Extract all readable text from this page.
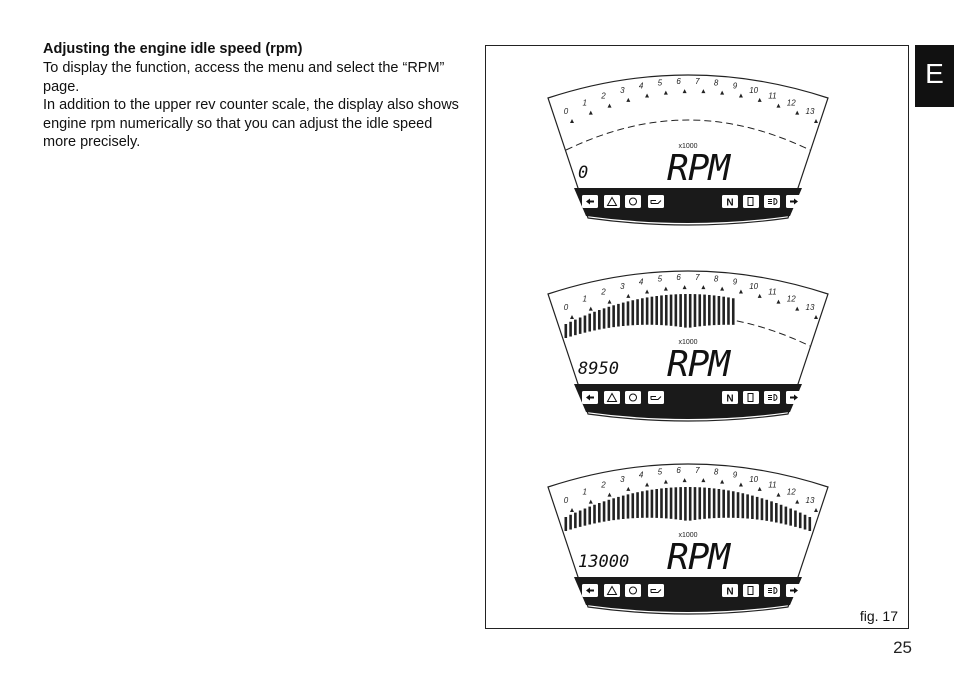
Adjusting the engine idle speed (rpm)

To display the function, access the menu and select the “RPM” page.

In addition to the upper rev counter scale, the display also shows engine rpm numerically so that you can adjust the idle speed more precisely.

0
1
2
3 4 5 6 7 8 9 10
11
12
13
x1000
RPM
0
N
0
1
2
3 4 5 6 7 8 9 10
11
12
13
x1000
RPM
8950
N
0
1
2
3 4 5 6 7 8 9 10
11
12
13
x1000
RPM
13000
N
fig. 17
E
25
